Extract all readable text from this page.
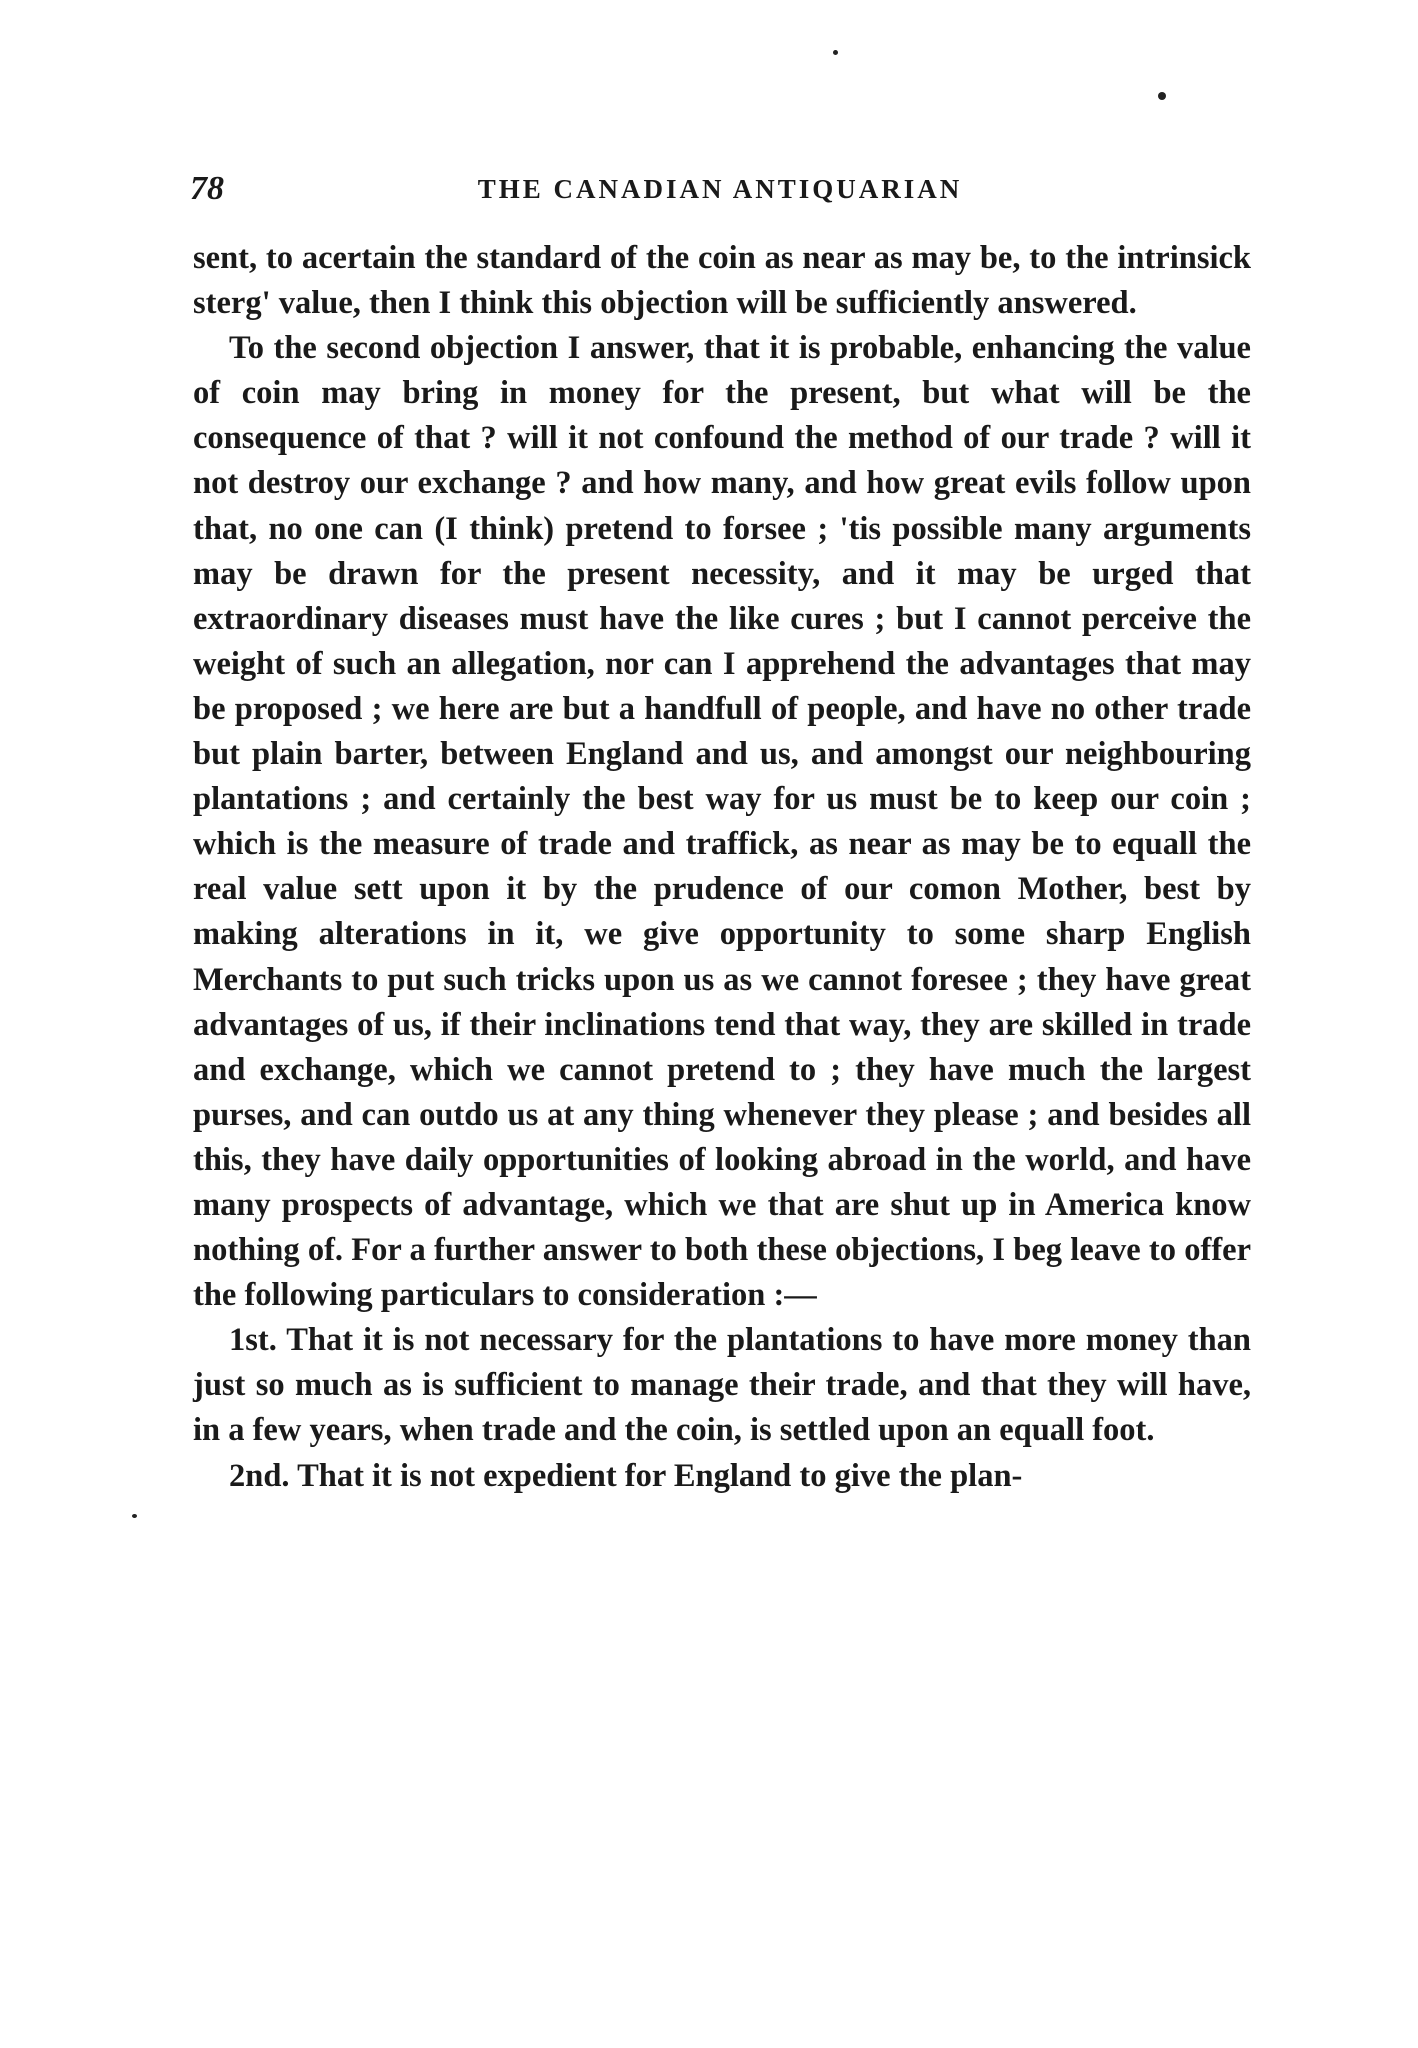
78	THE CANADIAN ANTIQUARIAN

sent, to acertain the standard of the coin as near as may be, to the intrinsick sterg' value, then I think this objection will be sufficiently answered.

To the second objection I answer, that it is probable, enhancing the value of coin may bring in money for the present, but what will be the consequence of that ? will it not confound the method of our trade ? will it not destroy our exchange ? and how many, and how great evils follow upon that, no one can (I think) pretend to forsee ; 'tis possible many arguments may be drawn for the present necessity, and it may be urged that extraordinary diseases must have the like cures ; but I cannot perceive the weight of such an allegation, nor can I apprehend the advantages that may be proposed ; we here are but a handfull of people, and have no other trade but plain barter, between England and us, and amongst our neighbouring plantations ; and certainly the best way for us must be to keep our coin ; which is the measure of trade and traffick, as near as may be to equall the real value sett upon it by the prudence of our comon Mother, best by making alterations in it, we give opportunity to some sharp English Merchants to put such tricks upon us as we cannot foresee ; they have great advantages of us, if their inclinations tend that way, they are skilled in trade and exchange, which we cannot pretend to ; they have much the largest purses, and can outdo us at any thing whenever they please ; and besides all this, they have daily opportunities of looking abroad in the world, and have many prospects of advantage, which we that are shut up in America know nothing of. For a further answer to both these objections, I beg leave to offer the following particulars to consideration :—

1st. That it is not necessary for the plantations to have more money than just so much as is sufficient to manage their trade, and that they will have, in a few years, when trade and the coin, is settled upon an equall foot.

2nd. That it is not expedient for England to give the plan-
